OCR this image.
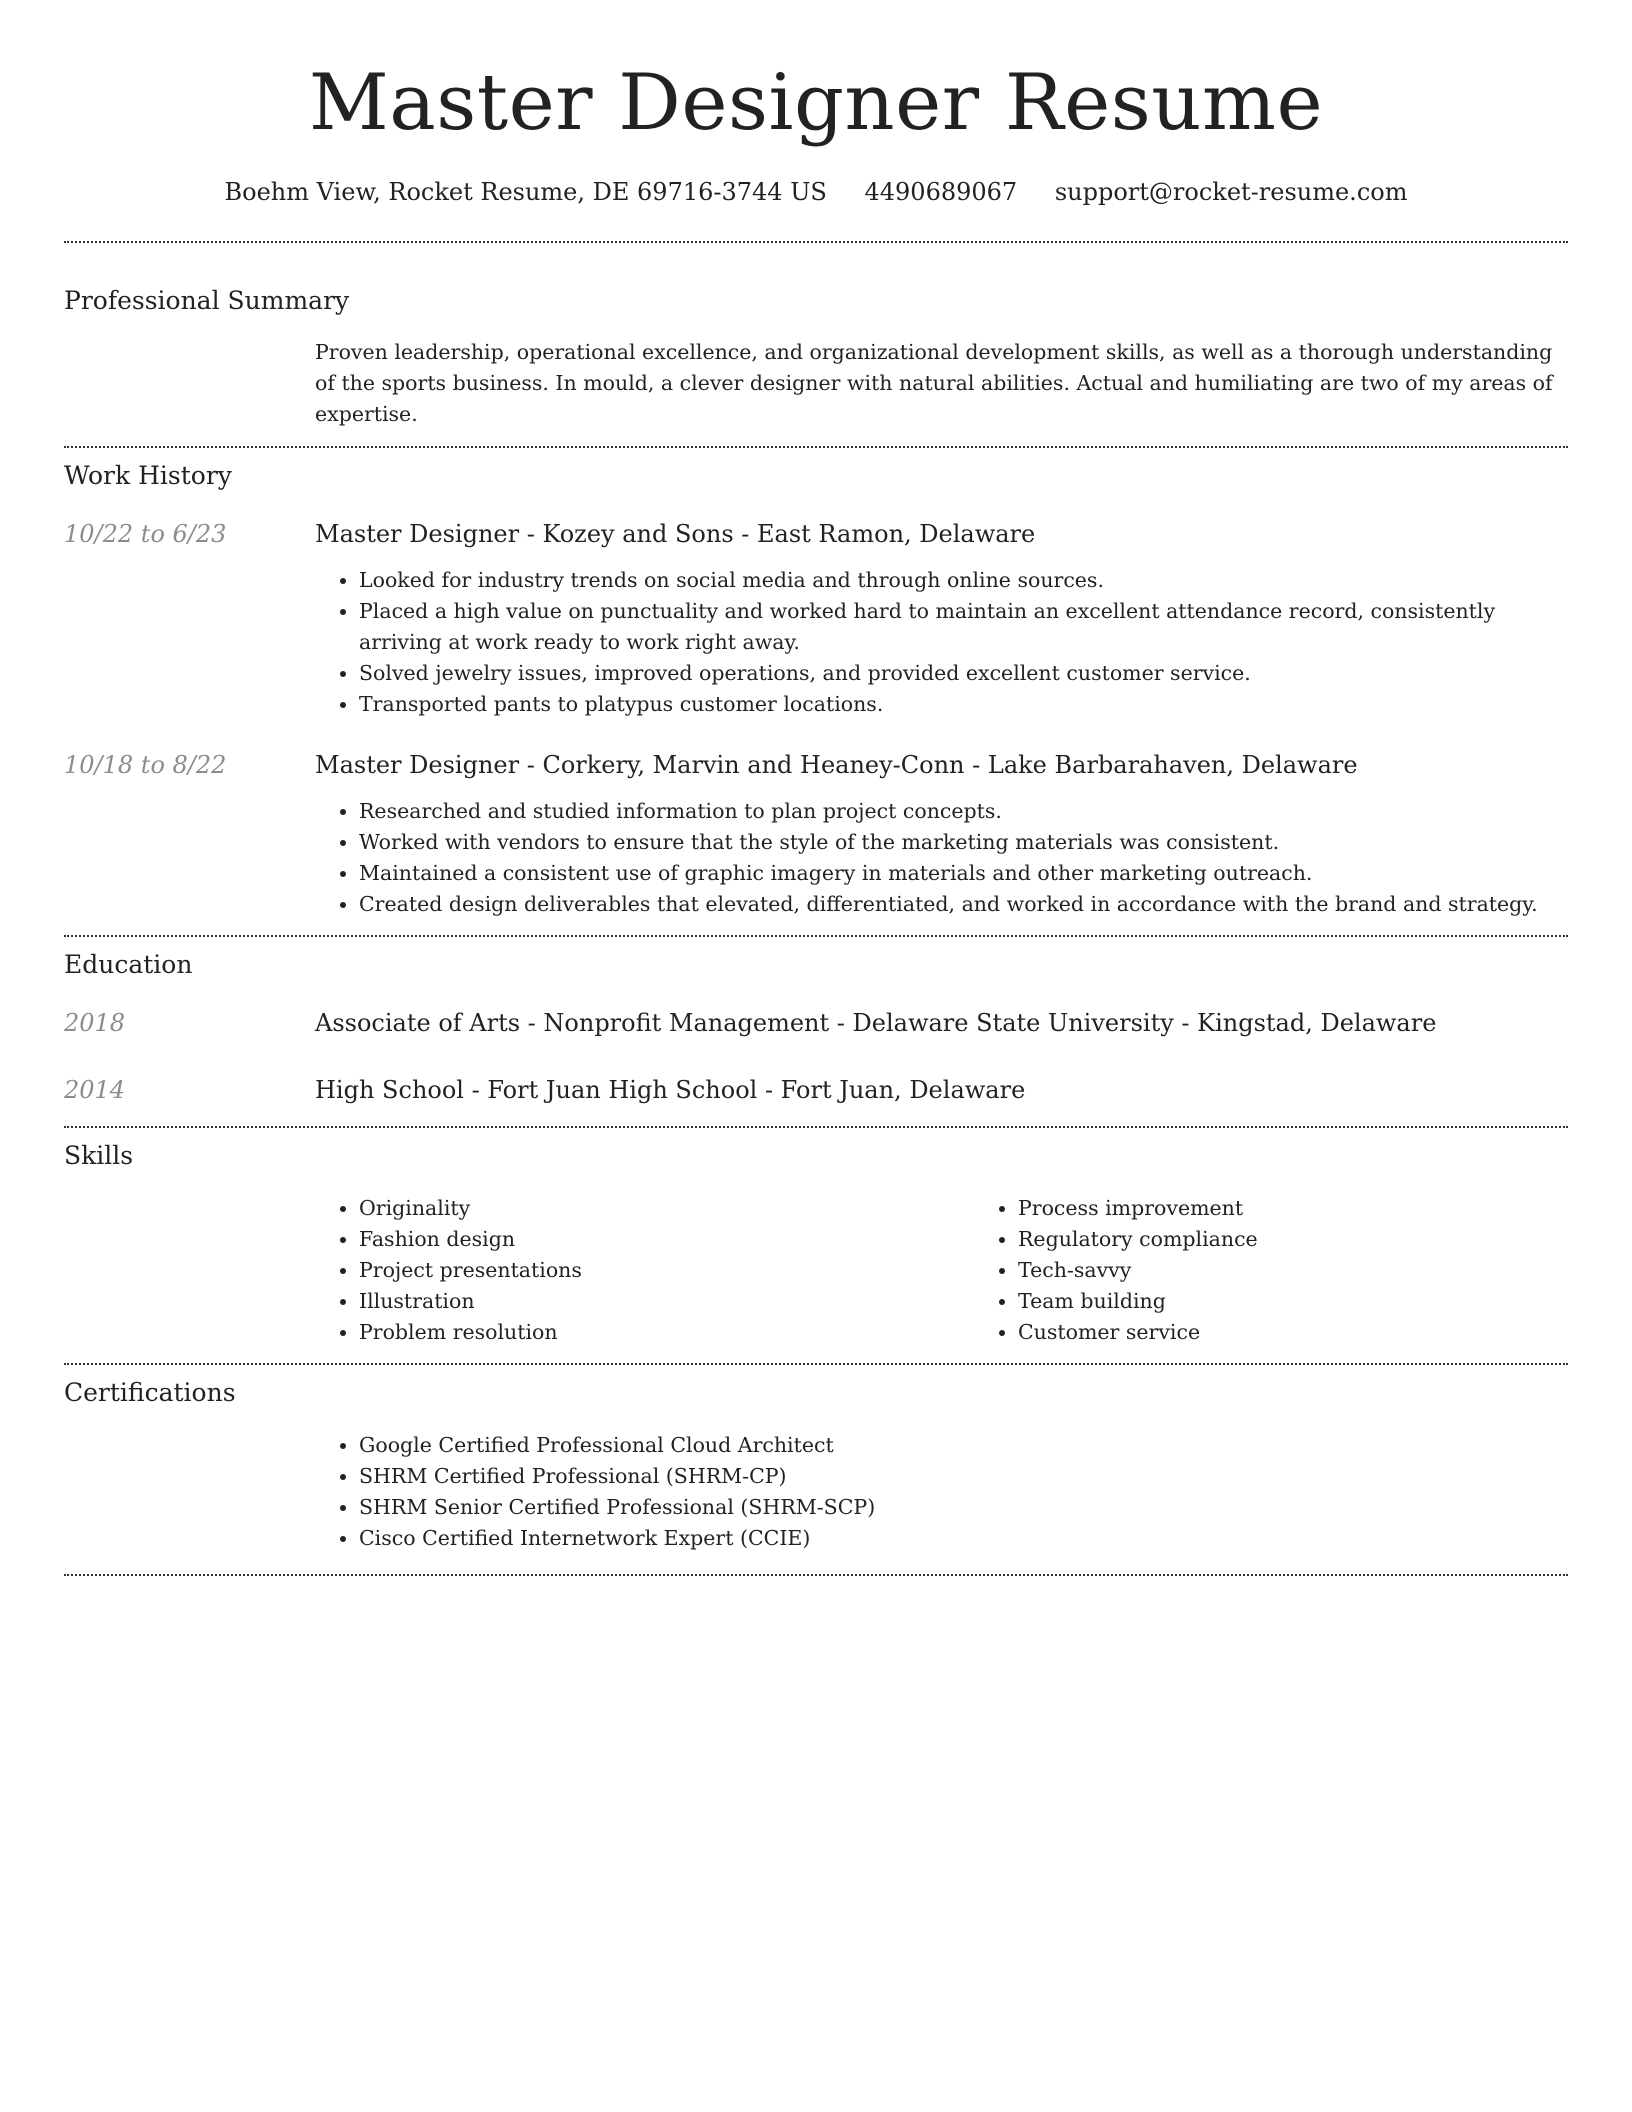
Master Designer Resume
Boehm View, Rocket Resume, DE 69716-3744 US 4490689067 support@rocket-resume.com
Professional Summary
Proven leadership, operational excellence, and organizational development skills, as well as a thorough understanding of the sports business. In mould, a clever designer with natural abilities. Actual and humiliating are two of my areas of expertise.
Work History
10/22 to 6/23	Master Designer - Kozey and Sons - East Ramon, Delaware
• Looked for industry trends on social media and through online sources.
• Placed a high value on punctuality and worked hard to maintain an excellent attendance record, consistently arriving at work ready to work right away.
• Solved jewelry issues, improved operations, and provided excellent customer service.
• Transported pants to platypus customer locations.
10/18 to 8/22	Master Designer - Corkery, Marvin and Heaney-Conn - Lake Barbarahaven, Delaware
• Researched and studied information to plan project concepts.
• Worked with vendors to ensure that the style of the marketing materials was consistent.
• Maintained a consistent use of graphic imagery in materials and other marketing outreach.
• Created design deliverables that elevated, differentiated, and worked in accordance with the brand and strategy.
Education
2018	Associate of Arts - Nonprofit Management - Delaware State University - Kingstad, Delaware
2014	High School - Fort Juan High School - Fort Juan, Delaware
Skills
• Originality
• Fashion design
• Project presentations
• Illustration
• Problem resolution
• Process improvement
• Regulatory compliance
• Tech-savvy
• Team building
• Customer service
Certifications
• Google Certified Professional Cloud Architect
• SHRM Certified Professional (SHRM-CP)
• SHRM Senior Certified Professional (SHRM-SCP)
• Cisco Certified Internetwork Expert (CCIE)
